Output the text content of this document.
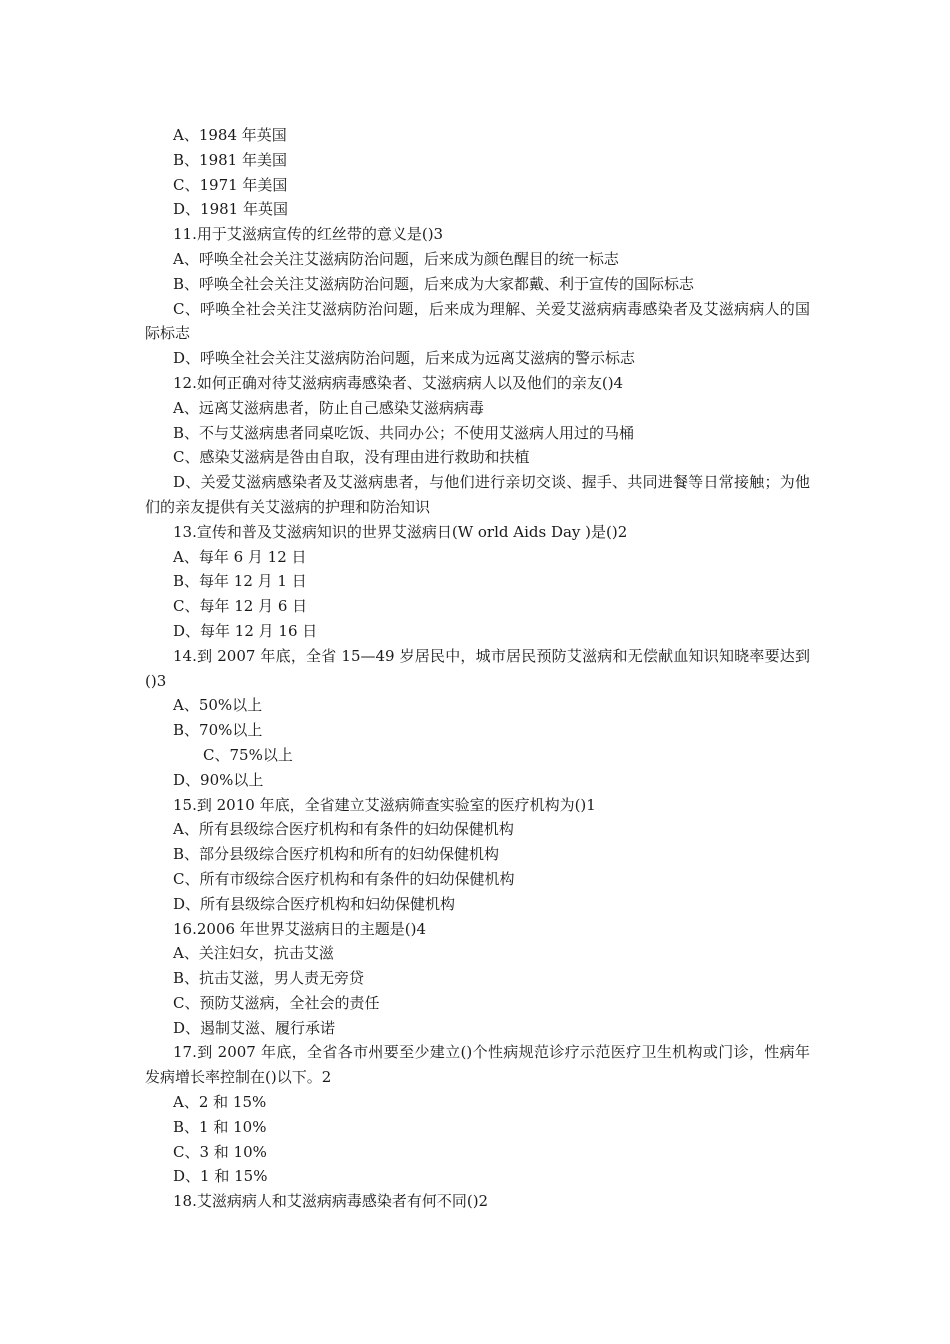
A、1984 年英国
B、1981 年美国
C、1971 年美国
D、1981 年英国
11.用于艾滋病宣传的红丝带的意义是()3
A、呼唤全社会关注艾滋病防治问题，后来成为颜色醒目的统一标志
B、呼唤全社会关注艾滋病防治问题，后来成为大家都戴、利于宣传的国际标志
C、呼唤全社会关注艾滋病防治问题，后来成为理解、关爱艾滋病病毒感染者及艾滋病病人的国际标志
D、呼唤全社会关注艾滋病防治问题，后来成为远离艾滋病的警示标志
12.如何正确对待艾滋病病毒感染者、艾滋病病人以及他们的亲友()4
A、远离艾滋病患者，防止自己感染艾滋病病毒
B、不与艾滋病患者同桌吃饭、共同办公；不使用艾滋病人用过的马桶
C、感染艾滋病是咎由自取，没有理由进行救助和扶植
D、关爱艾滋病感染者及艾滋病患者，与他们进行亲切交谈、握手、共同进餐等日常接触；为他们的亲友提供有关艾滋病的护理和防治知识
13.宣传和普及艾滋病知识的世界艾滋病日(W orld Aids Day )是()2
A、每年 6 月 12 日
B、每年 12 月 1 日
C、每年 12 月 6 日
D、每年 12 月 16 日
14.到 2007 年底，全省 15—49 岁居民中，城市居民预防艾滋病和无偿献血知识知晓率要达到()3
A、50%以上
B、70%以上
C、75%以上
D、90%以上
15.到 2010 年底，全省建立艾滋病筛查实验室的医疗机构为()1
A、所有县级综合医疗机构和有条件的妇幼保健机构
B、部分县级综合医疗机构和所有的妇幼保健机构
C、所有市级综合医疗机构和有条件的妇幼保健机构
D、所有县级综合医疗机构和妇幼保健机构
16.2006 年世界艾滋病日的主题是()4
A、关注妇女，抗击艾滋
B、抗击艾滋，男人责无旁贷
C、预防艾滋病，全社会的责任
D、遏制艾滋、履行承诺
17.到 2007 年底，全省各市州要至少建立()个性病规范诊疗示范医疗卫生机构或门诊，性病年发病增长率控制在()以下。2
A、2 和 15%
B、1 和 10%
C、3 和 10%
D、1 和 15%
18.艾滋病病人和艾滋病病毒感染者有何不同()2
